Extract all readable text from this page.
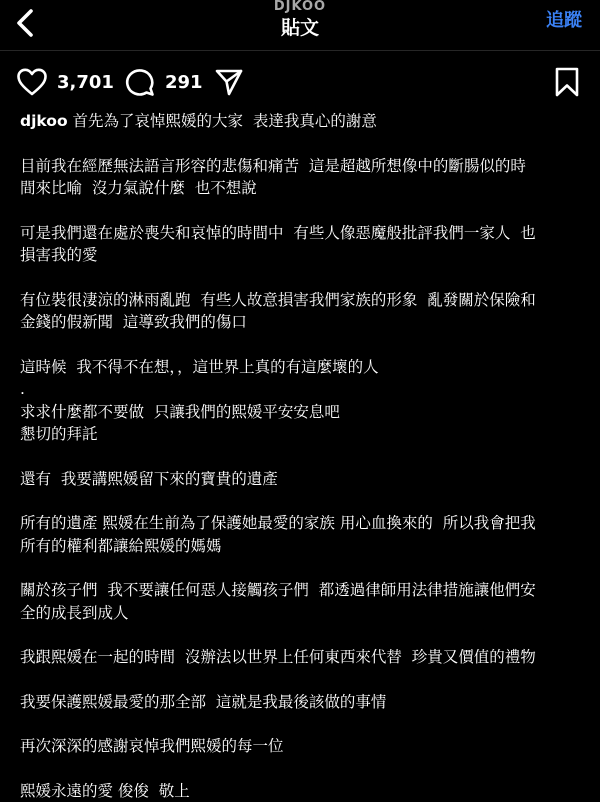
DJKOO
貼文	追蹤
3,701	291

djkoo 首先為了哀悼熙媛的大家  表達我真心的謝意

目前我在經歷無法語言形容的悲傷和痛苦  這是超越所想像中的斷腸似的時

間來比喻  沒力氣說什麼  也不想說

可是我們還在處於喪失和哀悼的時間中  有些人像惡魔般批評我們一家人  也

損害我的愛

有位裝很淒涼的淋雨亂跑  有些人故意損害我們家族的形象  亂發關於保險和

金錢的假新聞  這導致我們的傷口

這時候  我不得不在想，，這世界上真的有這麼壞的人

.

求求什麼都不要做  只讓我們的熙媛平安安息吧

懇切的拜託

還有  我要講熙媛留下來的寶貴的遺產

所有的遺產 熙媛在生前為了保護她最愛的家族 用心血換來的  所以我會把我

所有的權利都讓給熙媛的媽媽

關於孩子們  我不要讓任何惡人接觸孩子們  都透過律師用法律措施讓他們安

全的成長到成人

我跟熙媛在一起的時間  沒辦法以世界上任何東西來代替  珍貴又價值的禮物

我要保護熙媛最愛的那全部  這就是我最後該做的事情

再次深深的感謝哀悼我們熙媛的每一位

熙媛永遠的愛 俊俊  敬上
